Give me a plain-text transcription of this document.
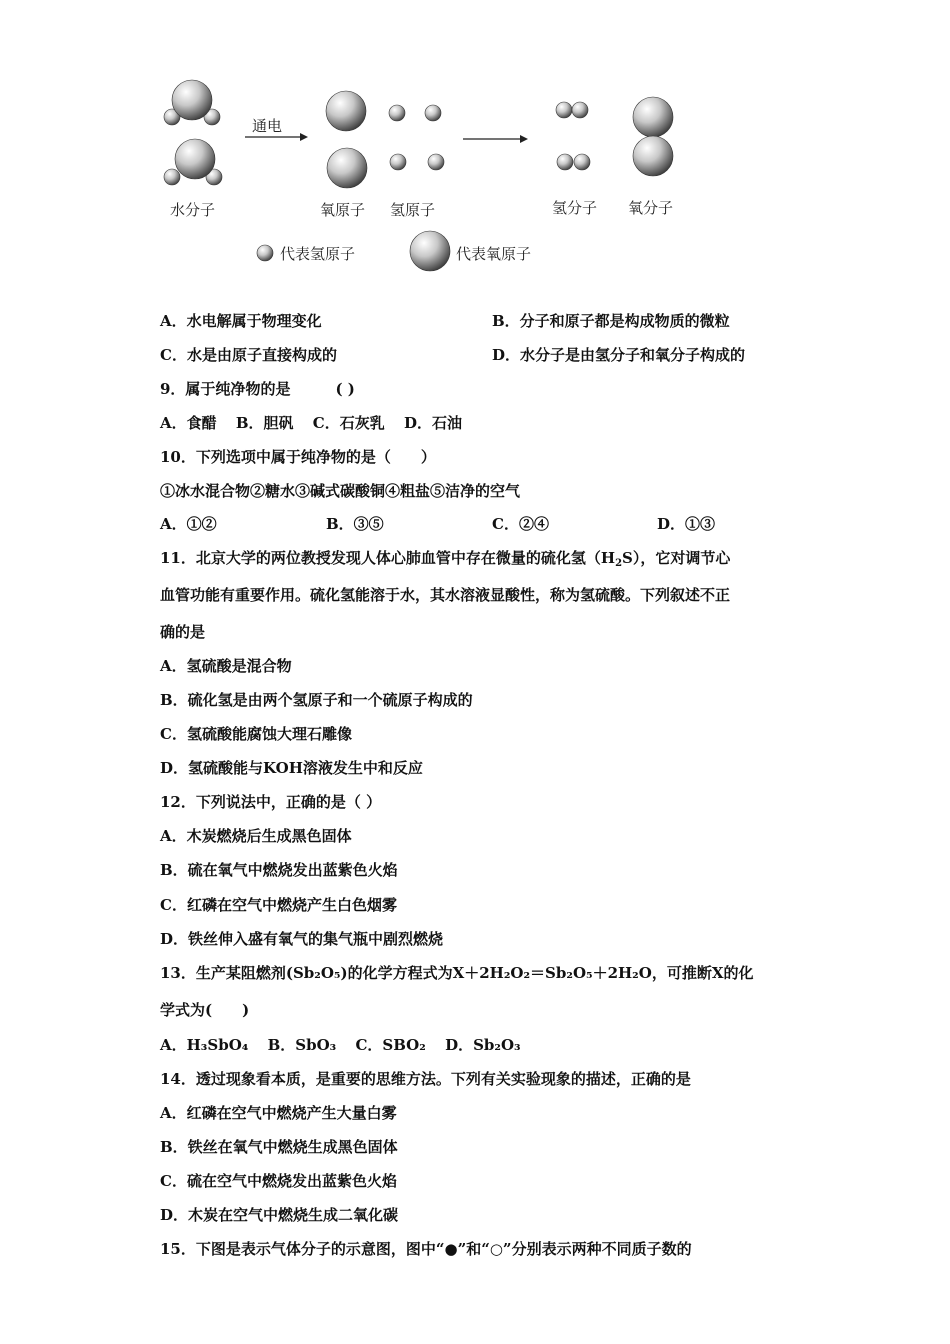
水分子
通电
氧原子 氢原子	氢分子 氧分子
代表氢原子	代表氧原子
A．水电解属于物理变化	B．分子和原子都是构成物质的微粒
C．水是由原子直接构成的	D．水分子是由氢分子和氧分子构成的
9．属于纯净物的是　　　( )
A．食醋 B．胆矾 C．石灰乳 D．石油
10．下列选项中属于纯净物的是（　　）
①冰水混合物②糖水③碱式碳酸铜④粗盐⑤洁净的空气
A．①②	B．③⑤	C．②④	D．①③
11．北京大学的两位教授发现人体心肺血管中存在微量的硫化氢$(H_2S)$，它对调节心
血管功能有重要作用。硫化氢能溶于水，其水溶液显酸性，称为氢硫酸。下列叙述不正
确的是
A．氢硫酸是混合物
B．硫化氢是由两个氢原子和一个硫原子构成的
C．氢硫酸能腐蚀大理石雕像
D．氢硫酸能与KOH溶液发生中和反应
12．下列说法中，正确的是（ ）
A．木炭燃烧后生成黑色固体
B．硫在氧气中燃烧发出蓝紫色火焰
C．红磷在空气中燃烧产生白色烟雾
D．铁丝伸入盛有氧气的集气瓶中剧烈燃烧
13．生产某阻燃剂(Sb₂O₅)的化学方程式为X＋2H₂O₂＝Sb₂O₅＋2H₂O，可推断X的化
学式为(　　)
A．H₃SbO₄ B．SbO₃ C．SBO₂ D．Sb₂O₃
14．透过现象看本质，是重要的思维方法。下列有关实验现象的描述，正确的是
A．红磷在空气中燃烧产生大量白雾
B．铁丝在氧气中燃烧生成黑色固体
C．硫在空气中燃烧发出蓝紫色火焰
D．木炭在空气中燃烧生成二氧化碳
15．下图是表示气体分子的示意图，图中“●”和“○”分别表示两种不同质子数的
